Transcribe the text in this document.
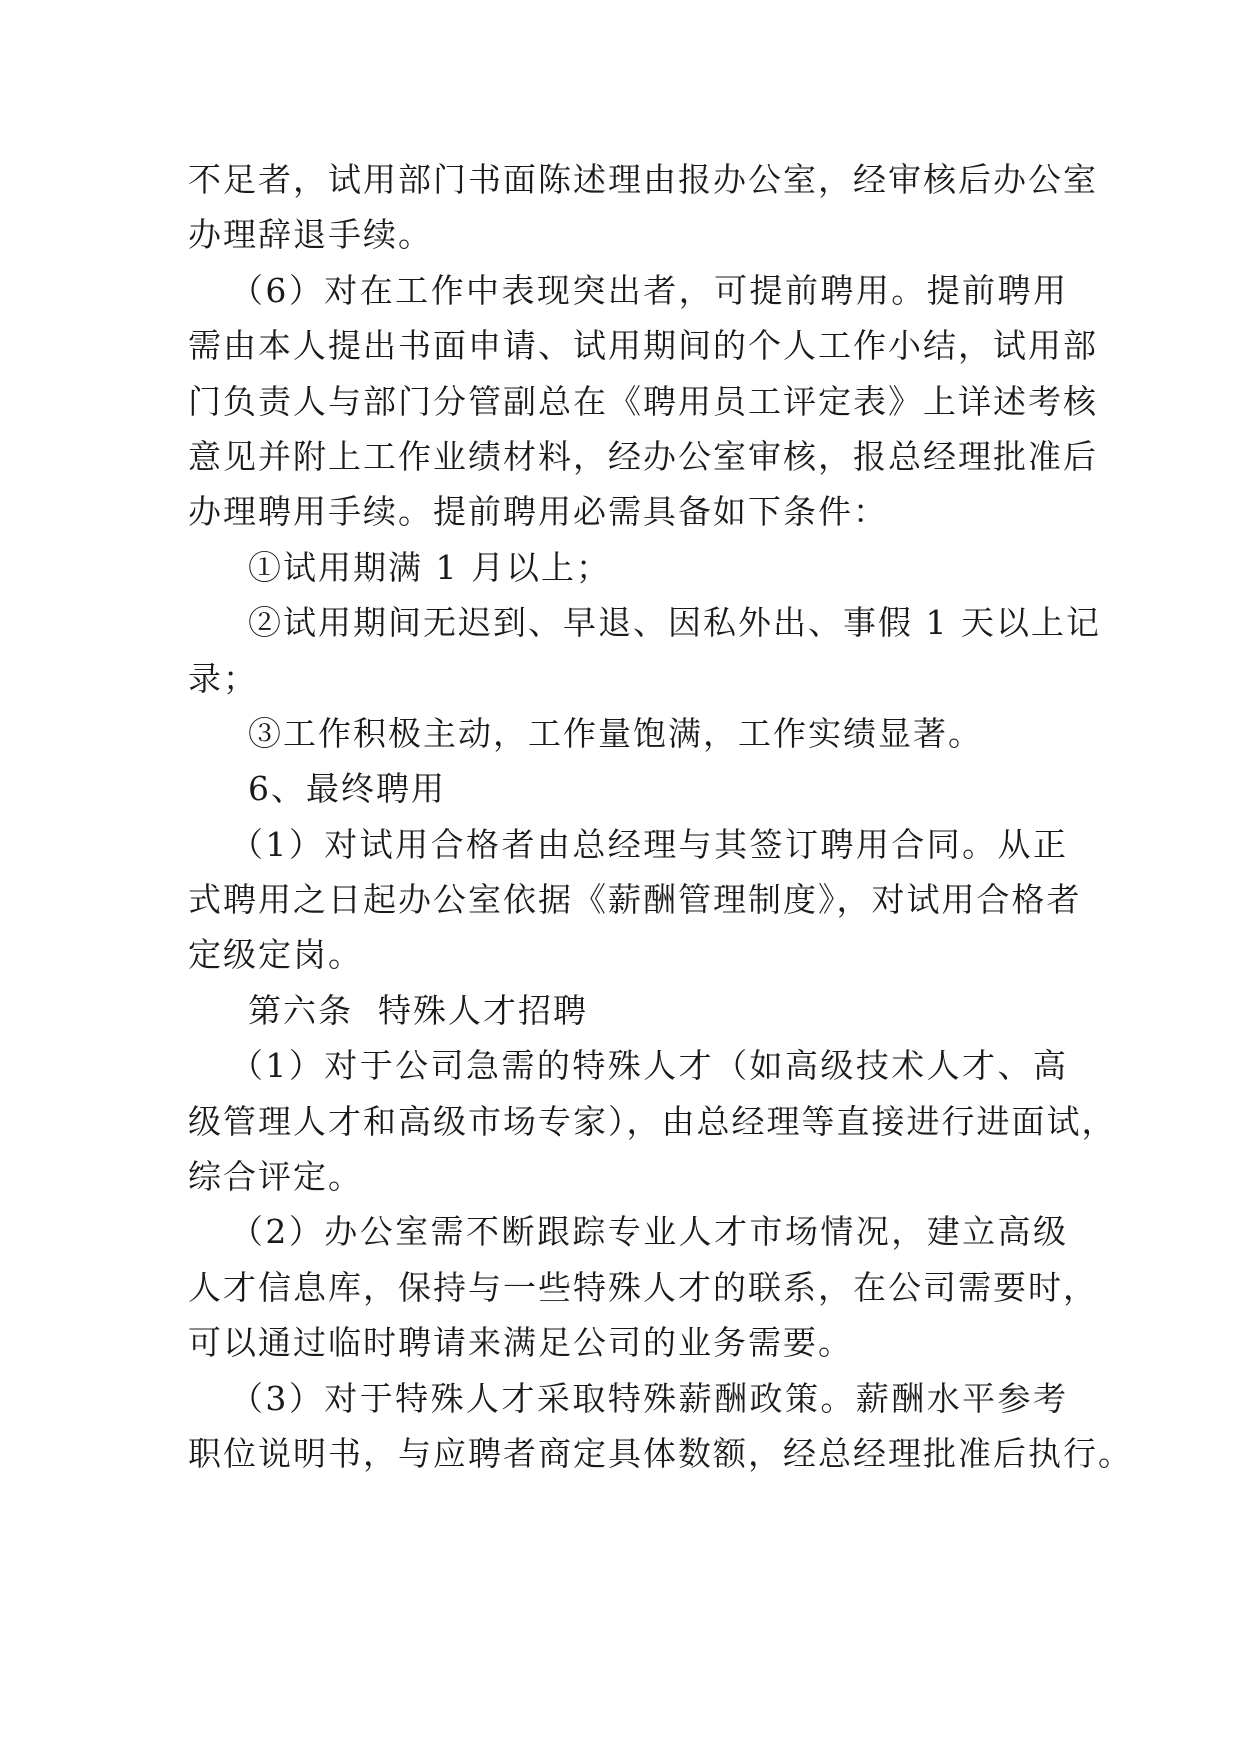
不足者，试用部门书面陈述理由报办公室，经审核后办公室
办理辞退手续。
（6）对在工作中表现突出者，可提前聘用。提前聘用
需由本人提出书面申请、试用期间的个人工作小结，试用部
门负责人与部门分管副总在《聘用员工评定表》上详述考核
意见并附上工作业绩材料，经办公室审核，报总经理批准后
办理聘用手续。提前聘用必需具备如下条件：
①试用期满 1 月以上；
②试用期间无迟到、早退、因私外出、事假 1 天以上记
录；
③工作积极主动，工作量饱满，工作实绩显著。
6、最终聘用
（1）对试用合格者由总经理与其签订聘用合同。从正
式聘用之日起办公室依据《薪酬管理制度》，对试用合格者
定级定岗。
第六条  特殊人才招聘
（1）对于公司急需的特殊人才（如高级技术人才、高
级管理人才和高级市场专家），由总经理等直接进行进面试，
综合评定。
（2）办公室需不断跟踪专业人才市场情况，建立高级
人才信息库，保持与一些特殊人才的联系，在公司需要时，
可以通过临时聘请来满足公司的业务需要。
（3）对于特殊人才采取特殊薪酬政策。薪酬水平参考
职位说明书，与应聘者商定具体数额，经总经理批准后执行。
